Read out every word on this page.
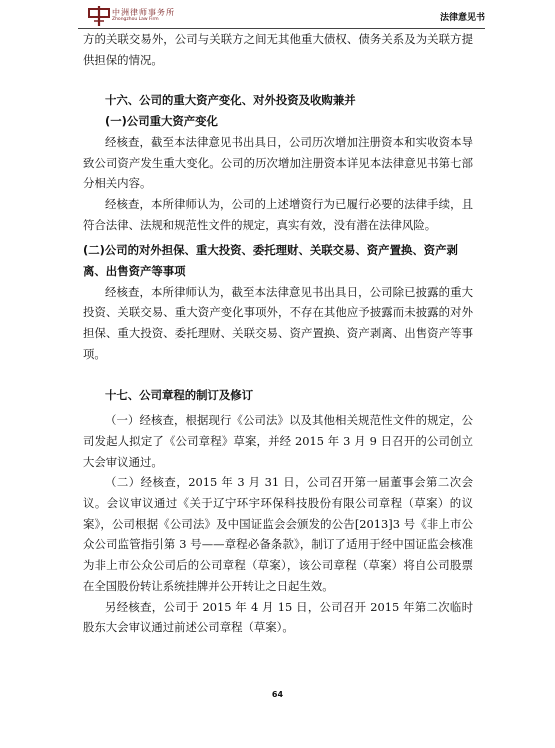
中洲律师事务所
Zhongzhou Law Firm	法律意见书

方的关联交易外，公司与关联方之间无其他重大债权、债务关系及为关联方提供担保的情况。

十六、公司的重大资产变化、对外投资及收购兼并

(一)公司重大资产变化

经核查，截至本法律意见书出具日，公司历次增加注册资本和实收资本导致公司资产发生重大变化。公司的历次增加注册资本详见本法律意见书第七部分相关内容。

经核查，本所律师认为，公司的上述增资行为已履行必要的法律手续，且符合法律、法规和规范性文件的规定，真实有效，没有潜在法律风险。

(二)公司的对外担保、重大投资、委托理财、关联交易、资产置换、资产剥离、出售资产等事项

经核查，本所律师认为，截至本法律意见书出具日，公司除已披露的重大投资、关联交易、重大资产变化事项外，不存在其他应予披露而未披露的对外担保、重大投资、委托理财、关联交易、资产置换、资产剥离、出售资产等事项。

十七、公司章程的制订及修订

（一）经核查，根据现行《公司法》以及其他相关规范性文件的规定，公司发起人拟定了《公司章程》草案，并经 2015 年 3 月 9 日召开的公司创立大会审议通过。

（二）经核查，2015 年 3 月 31 日，公司召开第一届董事会第二次会议。会议审议通过《关于辽宁环宇环保科技股份有限公司章程（草案）的议案》，公司根据《公司法》及中国证监会会颁发的公告[2013]3 号《非上市公众公司监管指引第 3 号——章程必备条款》，制订了适用于经中国证监会核准为非上市公众公司后的公司章程（草案），该公司章程（草案）将自公司股票在全国股份转让系统挂牌并公开转让之日起生效。

另经核查，公司于 2015 年 4 月 15 日，公司召开 2015 年第二次临时股东大会审议通过前述公司章程（草案）。

64
